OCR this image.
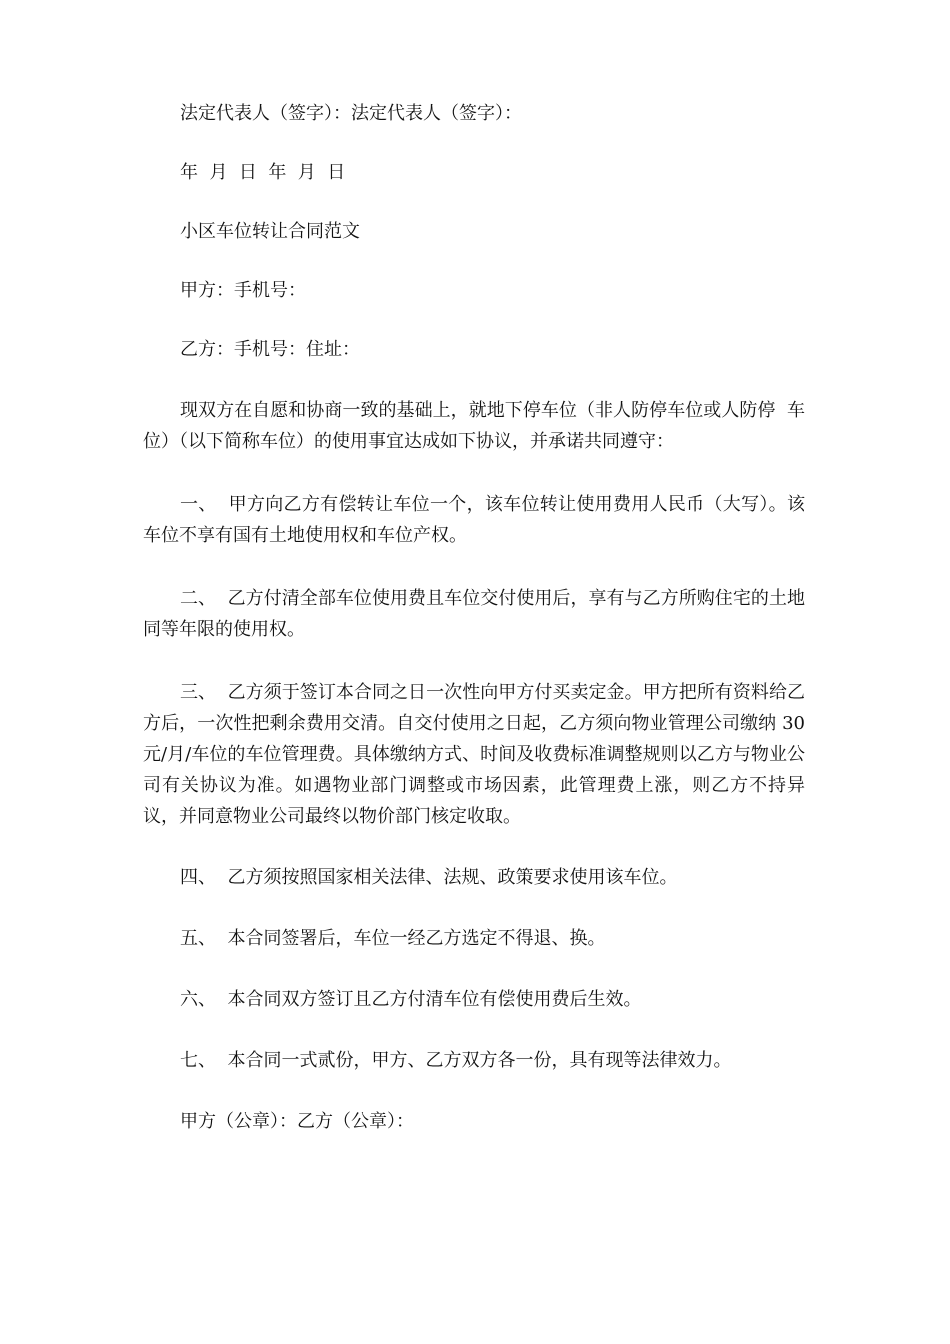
法定代表人（签字）：法定代表人（签字）：

年  月  日  年  月  日

小区车位转让合同范文

甲方：手机号：

乙方：手机号：住址：

现双方在自愿和协商一致的基础上，就地下停车位（非人防停车位或人防停  车位）（以下简称车位）的使用事宜达成如下协议，并承诺共同遵守：

一、  甲方向乙方有偿转让车位一个，该车位转让使用费用人民币（大写）。该车位不享有国有土地使用权和车位产权。

二、  乙方付清全部车位使用费且车位交付使用后，享有与乙方所购住宅的土地同等年限的使用权。

三、  乙方须于签订本合同之日一次性向甲方付买卖定金。甲方把所有资料给乙方后，一次性把剩余费用交清。自交付使用之日起，乙方须向物业管理公司缴纳 30 元/月/车位的车位管理费。具体缴纳方式、时间及收费标准调整规则以乙方与物业公司有关协议为准。如遇物业部门调整或市场因素，此管理费上涨，则乙方不持异议，并同意物业公司最终以物价部门核定收取。

四、  乙方须按照国家相关法律、法规、政策要求使用该车位。

五、  本合同签署后，车位一经乙方选定不得退、换。

六、  本合同双方签订且乙方付清车位有偿使用费后生效。

七、  本合同一式贰份，甲方、乙方双方各一份，具有现等法律效力。

甲方（公章）：乙方（公章）：
